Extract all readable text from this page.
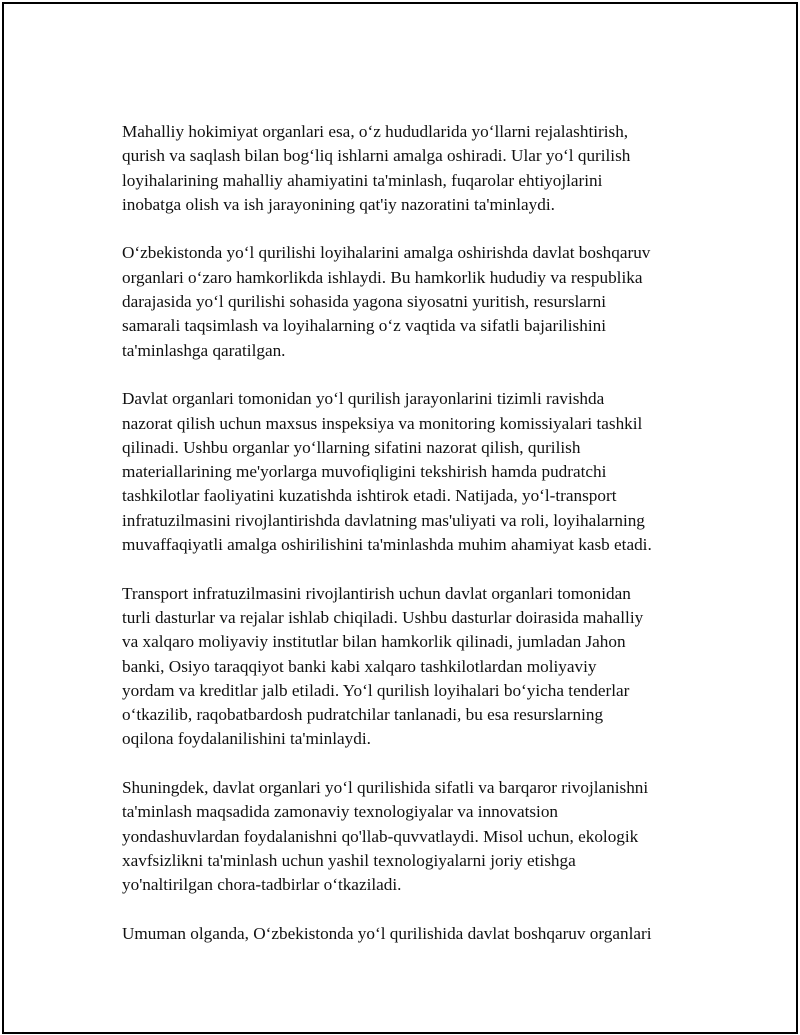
Mahalliy hokimiyat organlari esa, o‘z hududlarida yo‘llarni rejalashtirish,
qurish va saqlash bilan bog‘liq ishlarni amalga oshiradi. Ular yo‘l qurilish
loyihalarining mahalliy ahamiyatini ta'minlash, fuqarolar ehtiyojlarini
inobatga olish va ish jarayonining qat'iy nazoratini ta'minlaydi.

O‘zbekistonda yo‘l qurilishi loyihalarini amalga oshirishda davlat boshqaruv
organlari o‘zaro hamkorlikda ishlaydi. Bu hamkorlik hududiy va respublika
darajasida yo‘l qurilishi sohasida yagona siyosatni yuritish, resurslarni
samarali taqsimlash va loyihalarning o‘z vaqtida va sifatli bajarilishini
ta'minlashga qaratilgan.

Davlat organlari tomonidan yo‘l qurilish jarayonlarini tizimli ravishda
nazorat qilish uchun maxsus inspeksiya va monitoring komissiyalari tashkil
qilinadi. Ushbu organlar yo‘llarning sifatini nazorat qilish, qurilish
materiallarining me'yorlarga muvofiqligini tekshirish hamda pudratchi
tashkilotlar faoliyatini kuzatishda ishtirok etadi. Natijada, yo‘l-transport
infratuzilmasini rivojlantirishda davlatning mas'uliyati va roli, loyihalarning
muvaffaqiyatli amalga oshirilishini ta'minlashda muhim ahamiyat kasb etadi.

Transport infratuzilmasini rivojlantirish uchun davlat organlari tomonidan
turli dasturlar va rejalar ishlab chiqiladi. Ushbu dasturlar doirasida mahalliy
va xalqaro moliyaviy institutlar bilan hamkorlik qilinadi, jumladan Jahon
banki, Osiyo taraqqiyot banki kabi xalqaro tashkilotlardan moliyaviy
yordam va kreditlar jalb etiladi. Yo‘l qurilish loyihalari bo‘yicha tenderlar
o‘tkazilib, raqobatbardosh pudratchilar tanlanadi, bu esa resurslarning
oqilona foydalanilishini ta'minlaydi.

Shuningdek, davlat organlari yo‘l qurilishida sifatli va barqaror rivojlanishni
ta'minlash maqsadida zamonaviy texnologiyalar va innovatsion
yondashuvlardan foydalanishni qo'llab-quvvatlaydi. Misol uchun, ekologik
xavfsizlikni ta'minlash uchun yashil texnologiyalarni joriy etishga
yo'naltirilgan chora-tadbirlar o‘tkaziladi.

Umuman olganda, O‘zbekistonda yo‘l qurilishida davlat boshqaruv organlari
